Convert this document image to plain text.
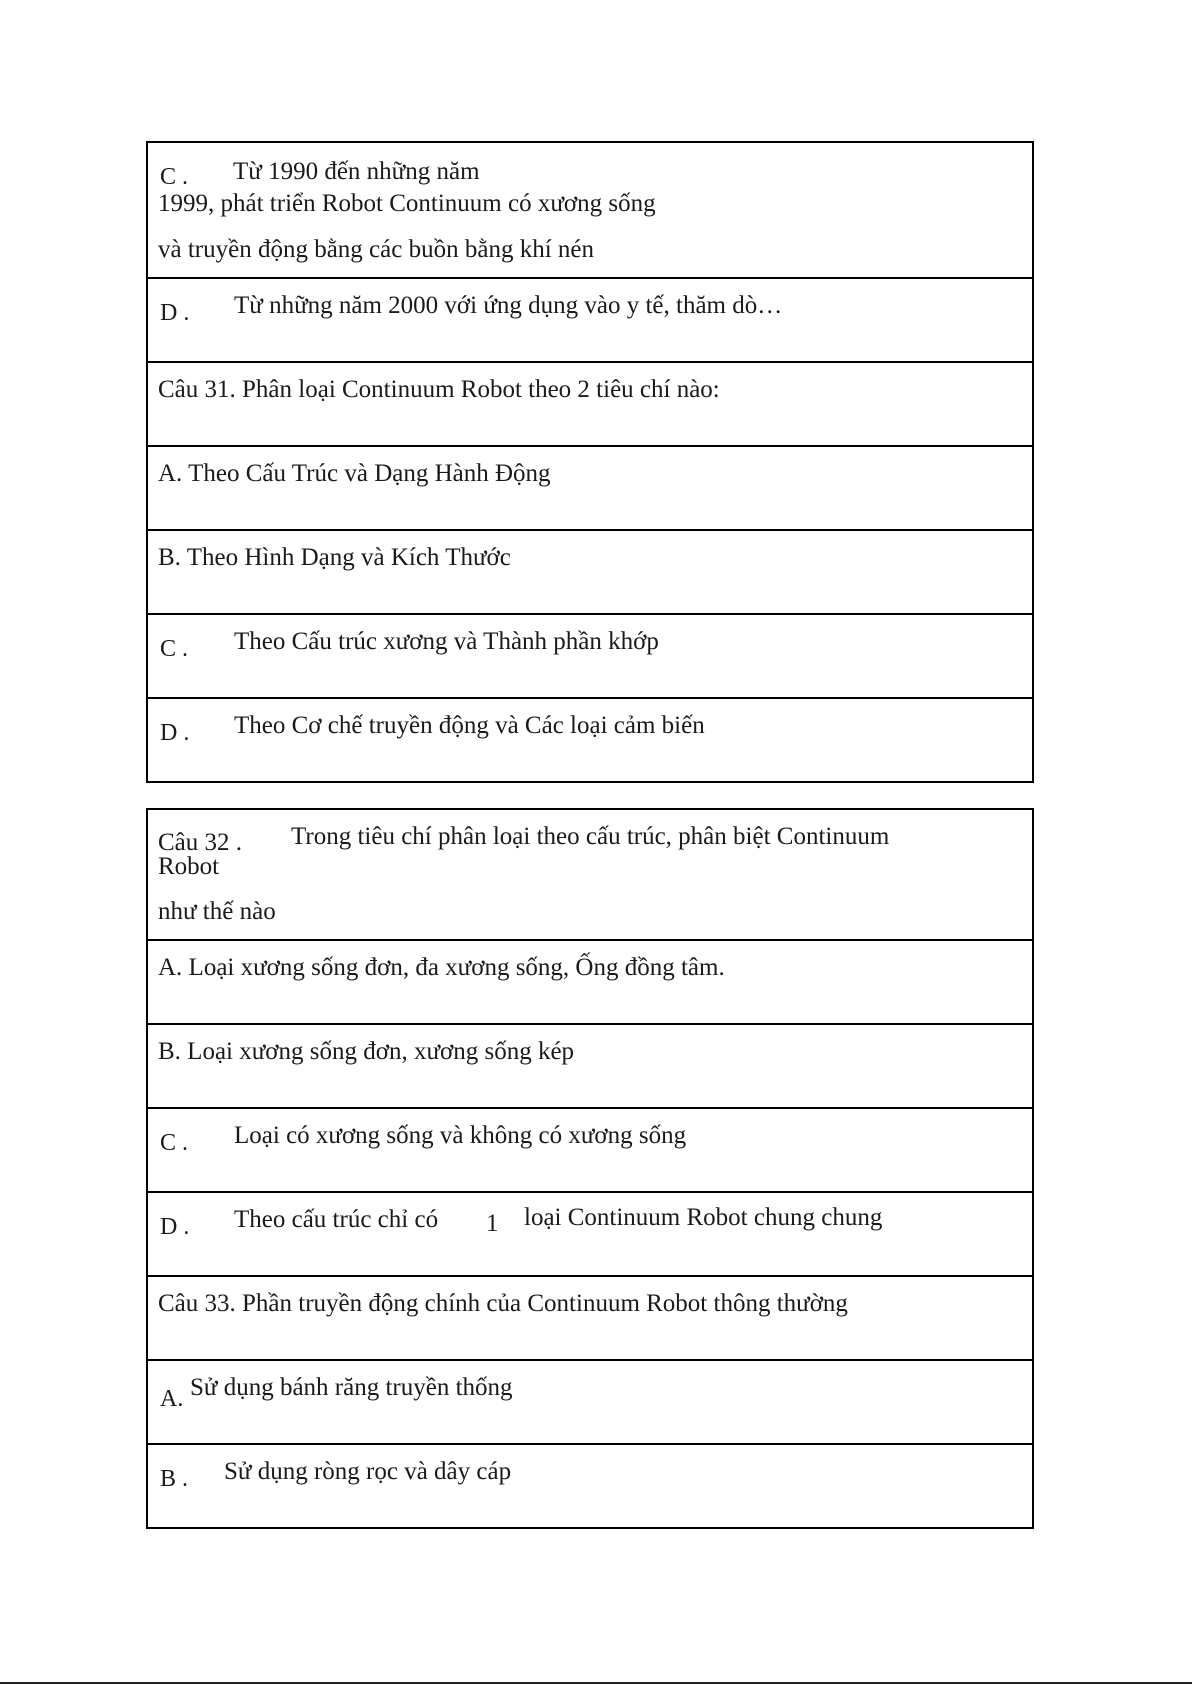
C . Từ 1990 đến những năm
1999, phát triển Robot Continuum có xương sống
và truyền động bằng các buồn bằng khí nén
D . Từ những năm 2000 với ứng dụng vào y tế, thăm dò…
Câu 31. Phân loại Continuum Robot theo 2 tiêu chí nào:
A. Theo Cấu Trúc và Dạng Hành Động
B. Theo Hình Dạng và Kích Thước
C . Theo Cấu trúc xương và Thành phần khớp
D . Theo Cơ chế truyền động và Các loại cảm biến
Câu 32 . Trong tiêu chí phân loại theo cấu trúc, phân biệt Continuum
Robot
như thế nào
A. Loại xương sống đơn, đa xương sống, Ống đồng tâm.
B. Loại xương sống đơn, xương sống kép
C . Loại có xương sống và không có xương sống
D . Theo cấu trúc chỉ có 1 loại Continuum Robot chung chung
Câu 33. Phần truyền động chính của Continuum Robot thông thường
A. Sử dụng bánh răng truyền thống
B . Sử dụng ròng rọc và dây cáp
